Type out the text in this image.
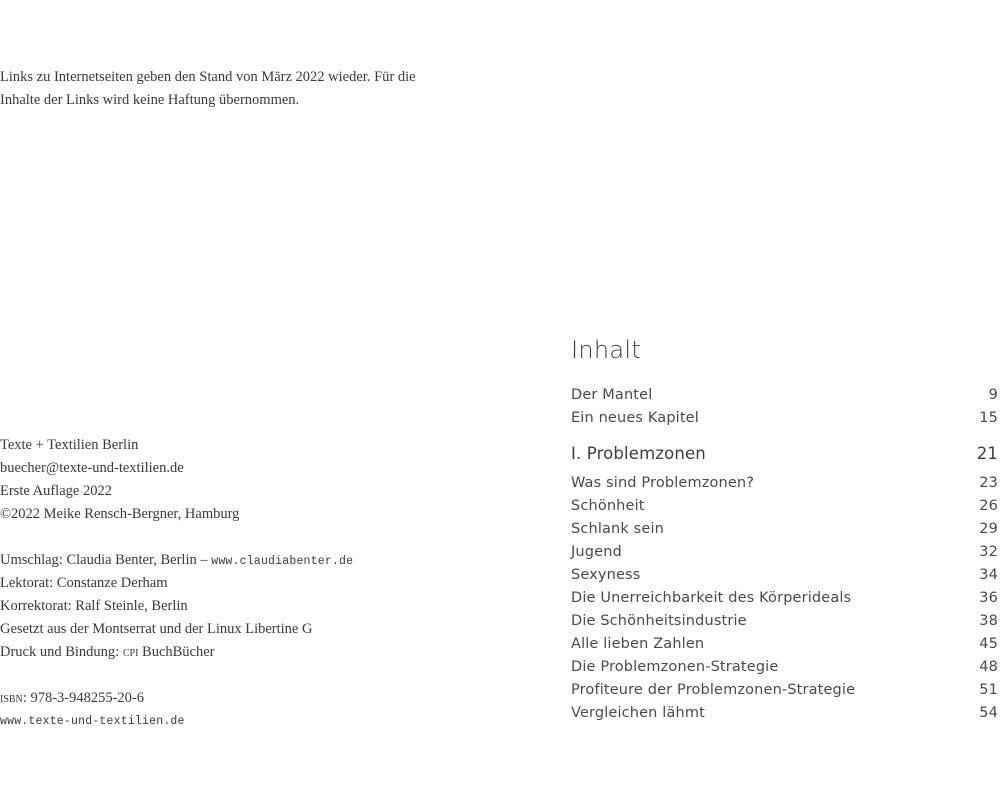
Links zu Internetseiten geben den Stand von März 2022 wieder. Für die
Inhalte der Links wird keine Haftung übernommen.
Texte + Textilien Berlin
buecher@texte-und-textilien.de
Erste Auflage 2022
©2022 Meike Rensch-Bergner, Hamburg
Umschlag: Claudia Benter, Berlin – www.claudiabenter.de
Lektorat: Constanze Derham
Korrektorat: Ralf Steinle, Berlin
Gesetzt aus der Montserrat und der Linux Libertine G
Druck und Bindung: cpi BuchBücher
isbn: 978-3-948255-20-6
www.texte-und-textilien.de
Inhalt
Der Mantel	9
Ein neues Kapitel	15
I. Problemzonen	21
Was sind Problemzonen?	23
Schönheit	26
Schlank sein	29
Jugend	32
Sexyness	34
Die Unerreichbarkeit des Körperideals	36
Die Schönheitsindustrie	38
Alle lieben Zahlen	45
Die Problemzonen-Strategie	48
Profiteure der Problemzonen-Strategie	51
Vergleichen lähmt	54
